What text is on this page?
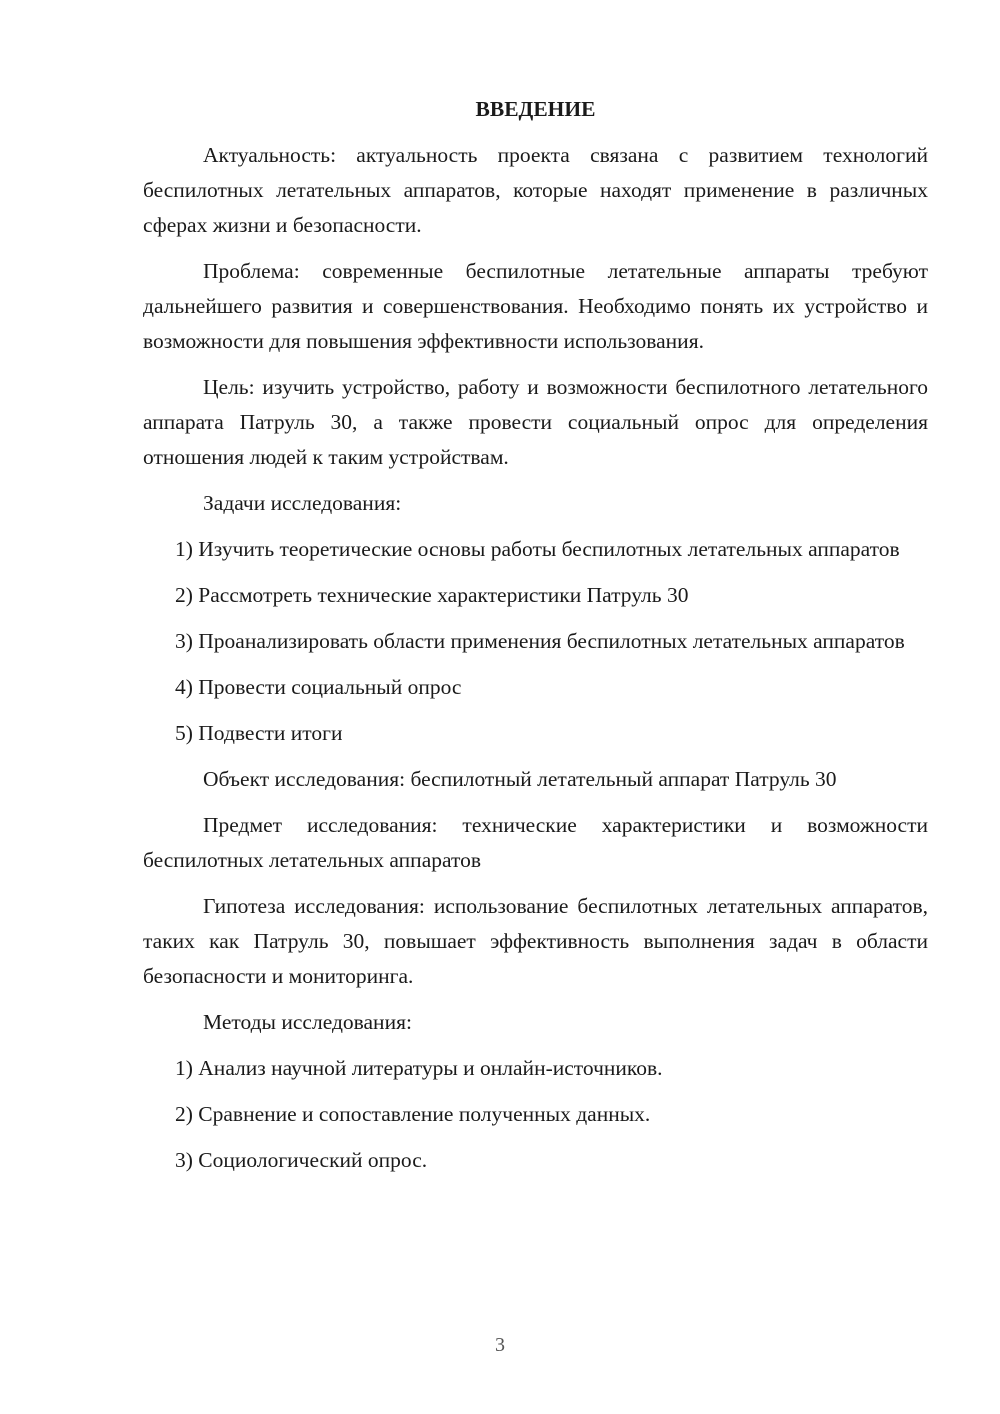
ВВЕДЕНИЕ

Актуальность: актуальность проекта связана с развитием технологий беспилотных летательных аппаратов, которые находят применение в различных сферах жизни и безопасности.

Проблема: современные беспилотные летательные аппараты требуют дальнейшего развития и совершенствования. Необходимо понять их устройство и возможности для повышения эффективности использования.

Цель: изучить устройство, работу и возможности беспилотного летательного аппарата Патруль 30, а также провести социальный опрос для определения отношения людей к таким устройствам.

Задачи исследования:

1) Изучить теоретические основы работы беспилотных летательных аппаратов

2) Рассмотреть технические характеристики Патруль 30

3) Проанализировать области применения беспилотных летательных аппаратов

4) Провести социальный опрос

5) Подвести итоги

Объект исследования: беспилотный летательный аппарат Патруль 30

Предмет исследования: технические характеристики и возможности беспилотных летательных аппаратов

Гипотеза исследования: использование беспилотных летательных аппаратов, таких как Патруль 30, повышает эффективность выполнения задач в области безопасности и мониторинга.

Методы исследования:

1) Анализ научной литературы и онлайн-источников.

2) Сравнение и сопоставление полученных данных.

3) Социологический опрос.

3
